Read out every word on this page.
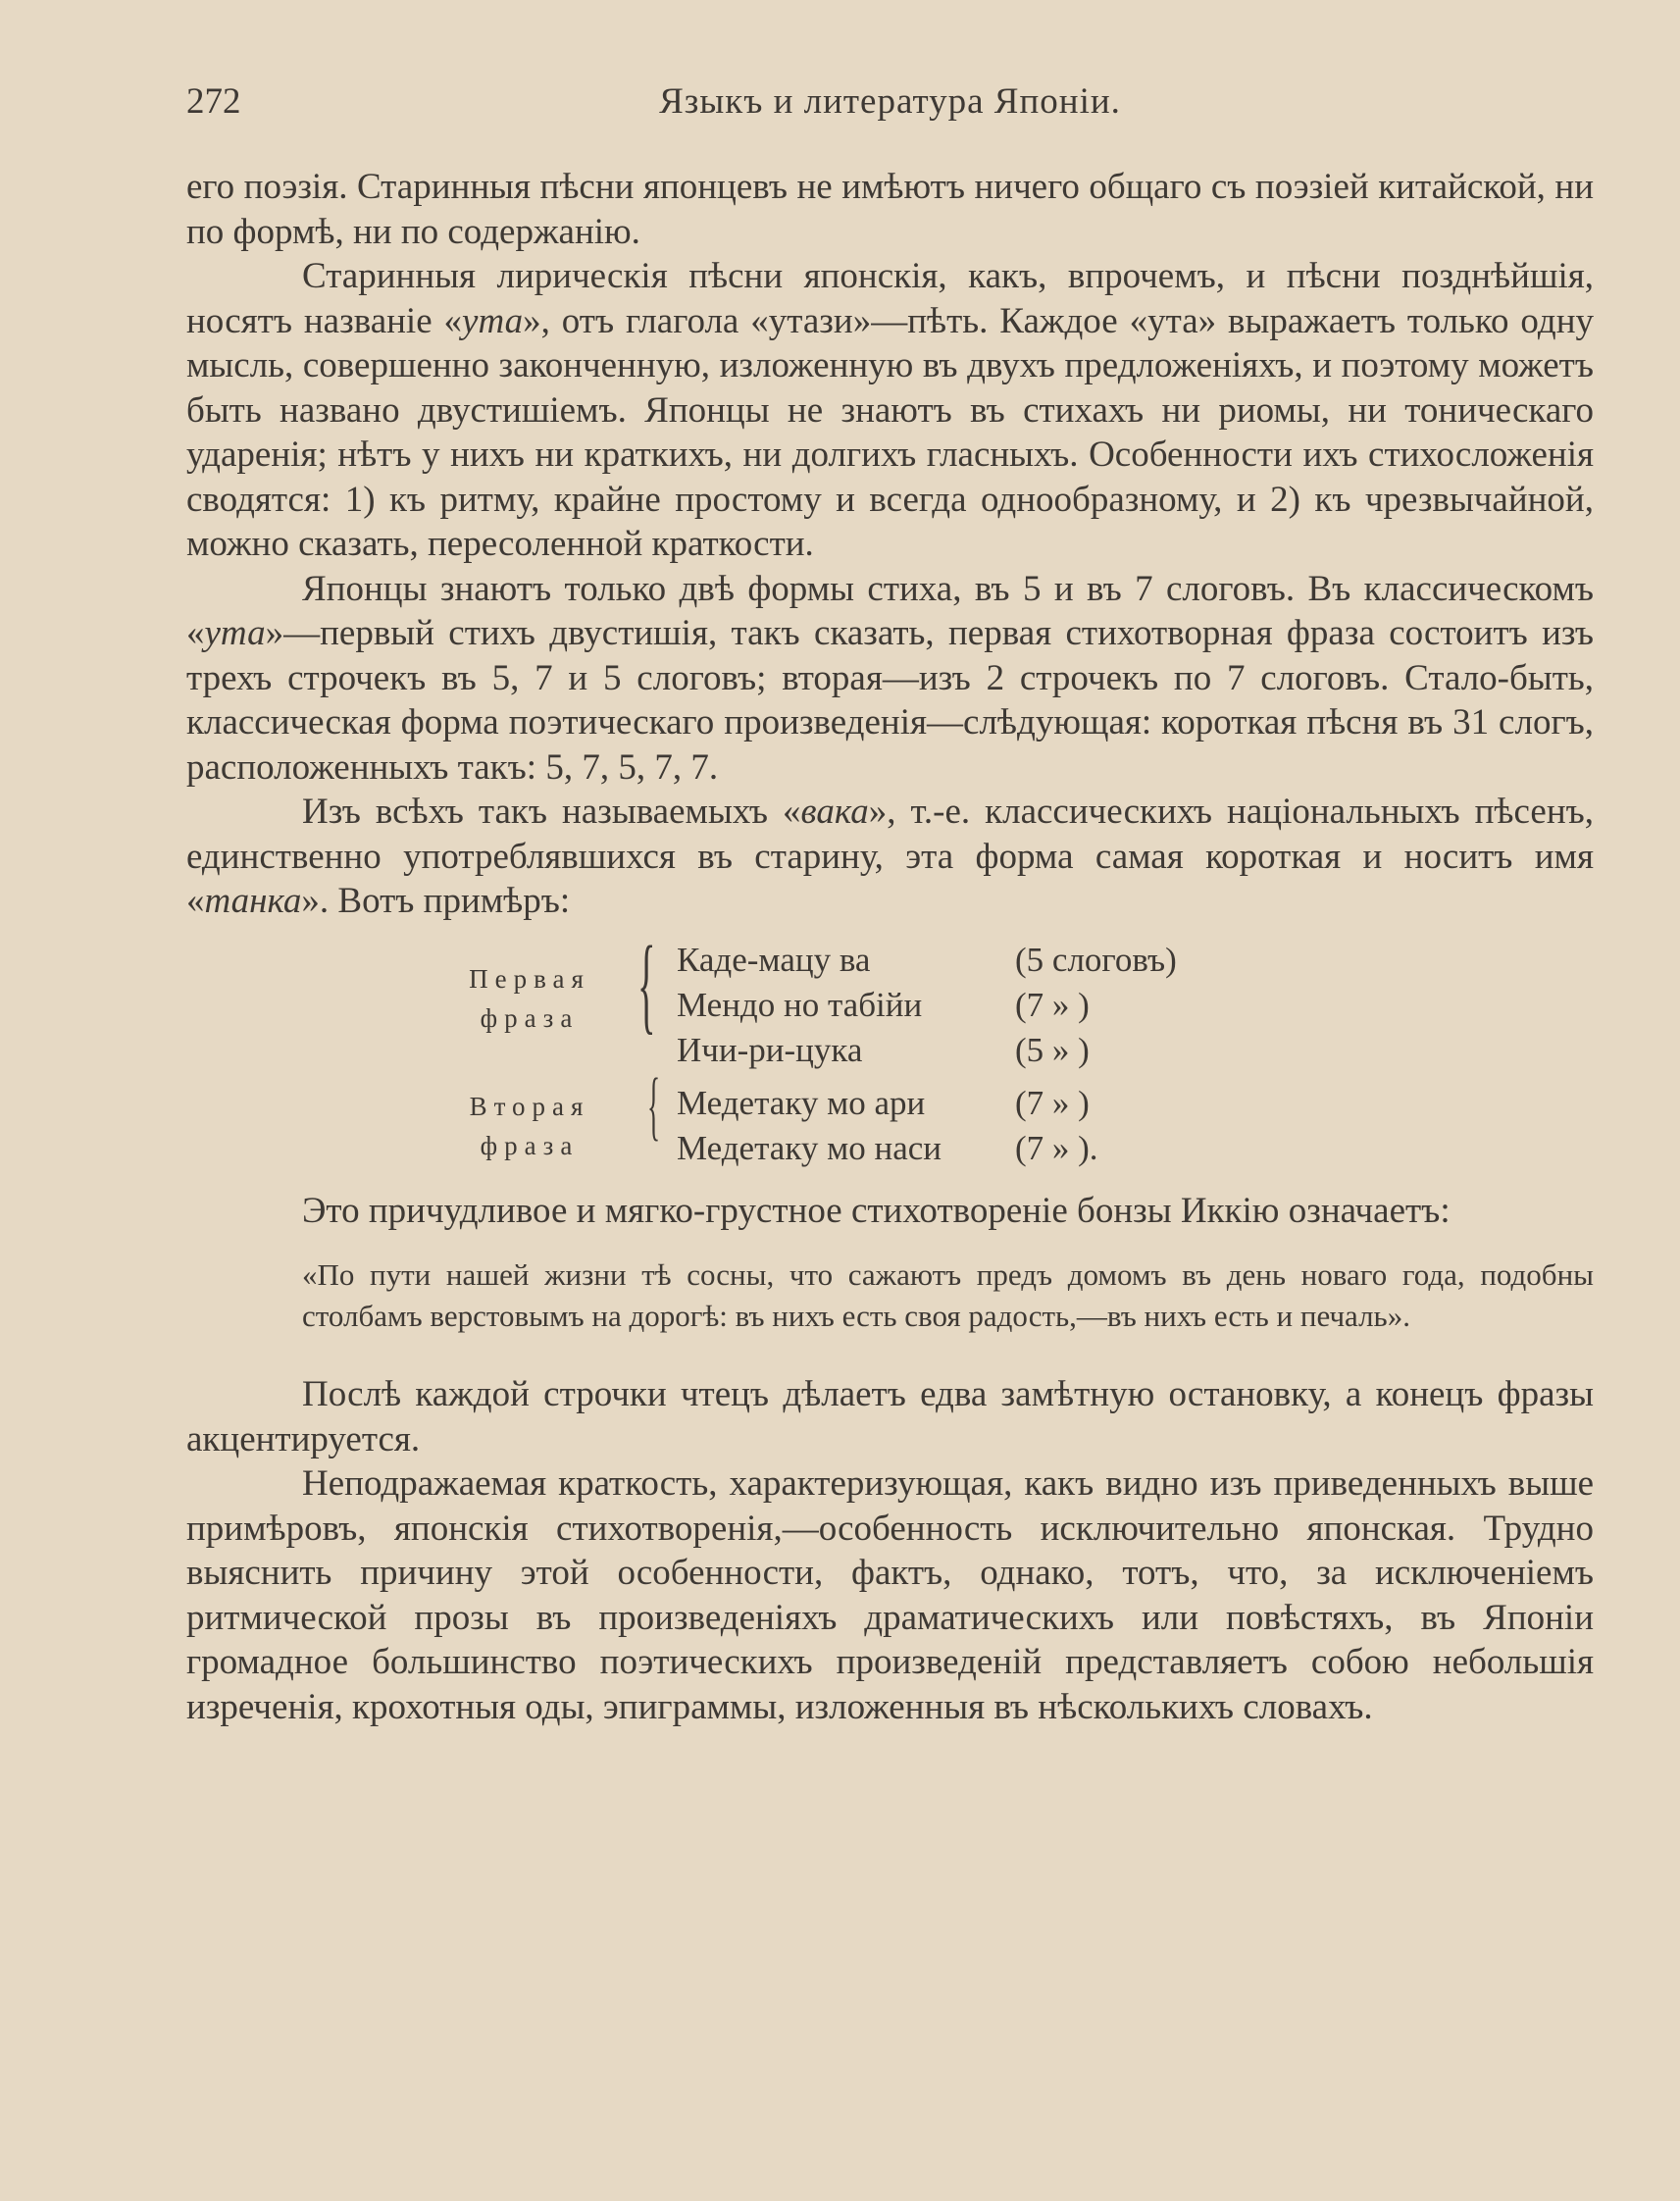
272	Языкъ и литература Японіи.

его поэзія. Старинныя пѣсни японцевъ не имѣютъ ничего общаго съ поэзіей китайской, ни по формѣ, ни по содержанію.

Старинныя лирическія пѣсни японскія, какъ, впрочемъ, и пѣсни позднѣйшія, носятъ названіе «ута», отъ глагола «утази»—пѣть. Каждое «ута» выражаетъ только одну мысль, совершенно законченную, изложенную въ двухъ предложеніяхъ, и поэтому можетъ быть названо двустишіемъ. Японцы не знаютъ въ стихахъ ни риомы, ни тоническаго ударенія; нѣтъ у нихъ ни краткихъ, ни долгихъ гласныхъ. Особенности ихъ стихосложенія сводятся: 1) къ ритму, крайне простому и всегда однообразному, и 2) къ чрезвычайной, можно сказать, пересоленной краткости.

Японцы знаютъ только двѣ формы стиха, въ 5 и въ 7 слоговъ. Въ классическомъ «ута»—первый стихъ двустишія, такъ сказать, первая стихотворная фраза состоитъ изъ трехъ строчекъ въ 5, 7 и 5 слоговъ; вторая—изъ 2 строчекъ по 7 слоговъ. Стало-быть, классическая форма поэтическаго произведенія—слѣдующая: короткая пѣсня въ 31 слогъ, расположенныхъ такъ: 5, 7, 5, 7, 7.

Изъ всѣхъ такъ называемыхъ «вака», т.-е. классическихъ національныхъ пѣсенъ, единственно употреблявшихся въ старину, эта форма самая короткая и носитъ имя «танка». Вотъ примѣръ:

Первая фраза {
Вторая фраза {
Каде-мацу ва	(5 слоговъ)
Мендо но табійи	(7 » )
Ичи-ри-цука	(5 » )
Медетаку мо ари	(7 » )
Медетаку мо наси (7 » ).

Это причудливое и мягко-грустное стихотвореніе бонзы Иккію означаетъ:

«По пути нашей жизни тѣ сосны, что сажаютъ предъ домомъ въ день новаго года, подобны столбамъ верстовымъ на дорогѣ: въ нихъ есть своя радость,—въ нихъ есть и печаль».

Послѣ каждой строчки чтецъ дѣлаетъ едва замѣтную остановку, а конецъ фразы акцентируется.

Неподражаемая краткость, характеризующая, какъ видно изъ приведенныхъ выше примѣровъ, японскія стихотворенія,—особенность исключительно японская. Трудно выяснить причину этой особенности, фактъ, однако, тотъ, что, за исключеніемъ ритмической прозы въ произведеніяхъ драматическихъ или повѣстяхъ, въ Японіи громадное большинство поэтическихъ произведеній представляетъ собою небольшія изреченія, крохотныя оды, эпиграммы, изложенныя въ нѣсколькихъ словахъ.
